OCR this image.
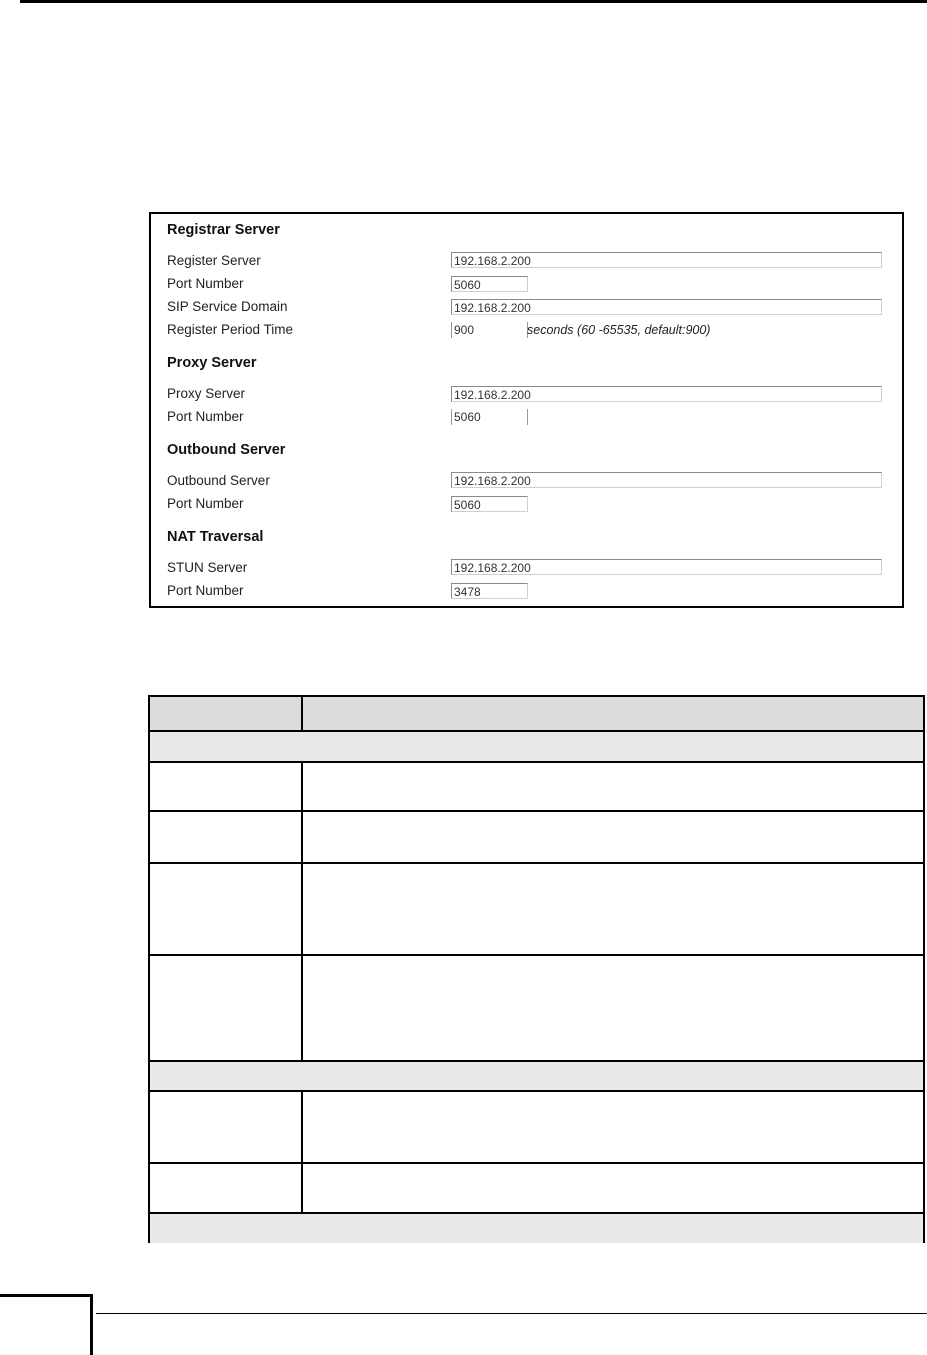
Registrar Server
Register Server	192.168.2.200
Port Number	5060
SIP Service Domain	192.168.2.200
Register Period Time	900	seconds (60 -65535, default:900)
Proxy Server
Proxy Server	192.168.2.200
Port Number	5060
Outbound Server
Outbound Server	192.168.2.200
Port Number	5060
NAT Traversal
STUN Server	192.168.2.200
Port Number	3478
